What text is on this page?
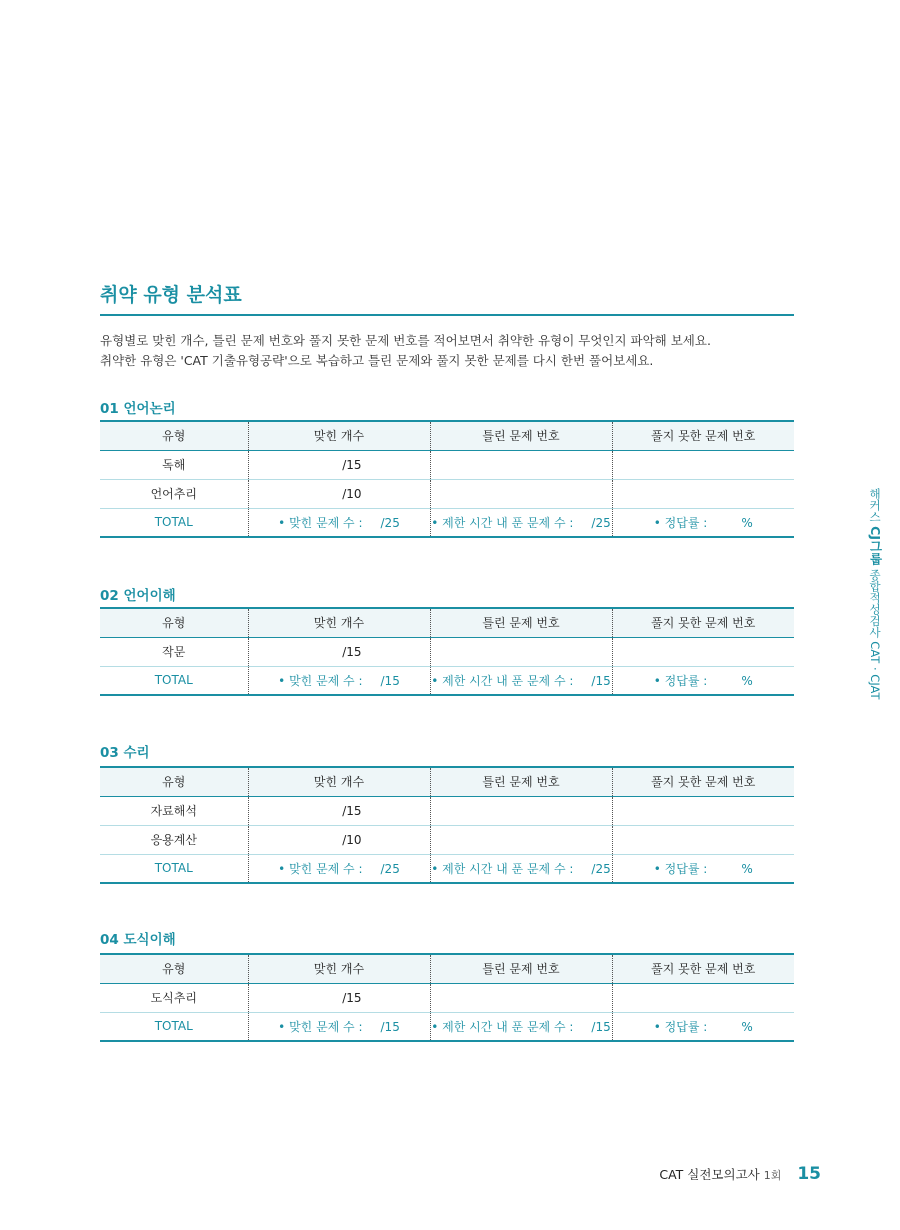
취약 유형 분석표

유형별로 맞힌 개수, 틀린 문제 번호와 풀지 못한 문제 번호를 적어보면서 취약한 유형이 무엇인지 파악해 보세요.

취약한 유형은 'CAT 기출유형공략'으로 복습하고 틀린 문제와 풀지 못한 문제를 다시 한번 풀어보세요.

01 언어논리
유형	맞힌 개수	틀린 문제 번호	풀지 못한 문제 번호
독해	/15		
언어추리	/10		
TOTAL	• 맞힌 문제 수 : /25	• 제한 시간 내 푼 문제 수 : /25	• 정답률 : %
02 언어이해
유형	맞힌 개수	틀린 문제 번호	풀지 못한 문제 번호
작문	/15		
TOTAL	• 맞힌 문제 수 : /15	• 제한 시간 내 푼 문제 수 : /15	• 정답률 : %
03 수리
유형	맞힌 개수	틀린 문제 번호	풀지 못한 문제 번호
자료해석	/15		
응용계산	/10		
TOTAL	• 맞힌 문제 수 : /25	• 제한 시간 내 푼 문제 수 : /25	• 정답률 : %
04 도식이해
유형	맞힌 개수	틀린 문제 번호	풀지 못한 문제 번호
도식추리	/15		
TOTAL	• 맞힌 문제 수 : /15	• 제한 시간 내 푼 문제 수 : /15	• 정답률 : %
해커스 CJ그룹 종합적성검사 CAT · CJAT
CAT 실전모의고사 1회 15
